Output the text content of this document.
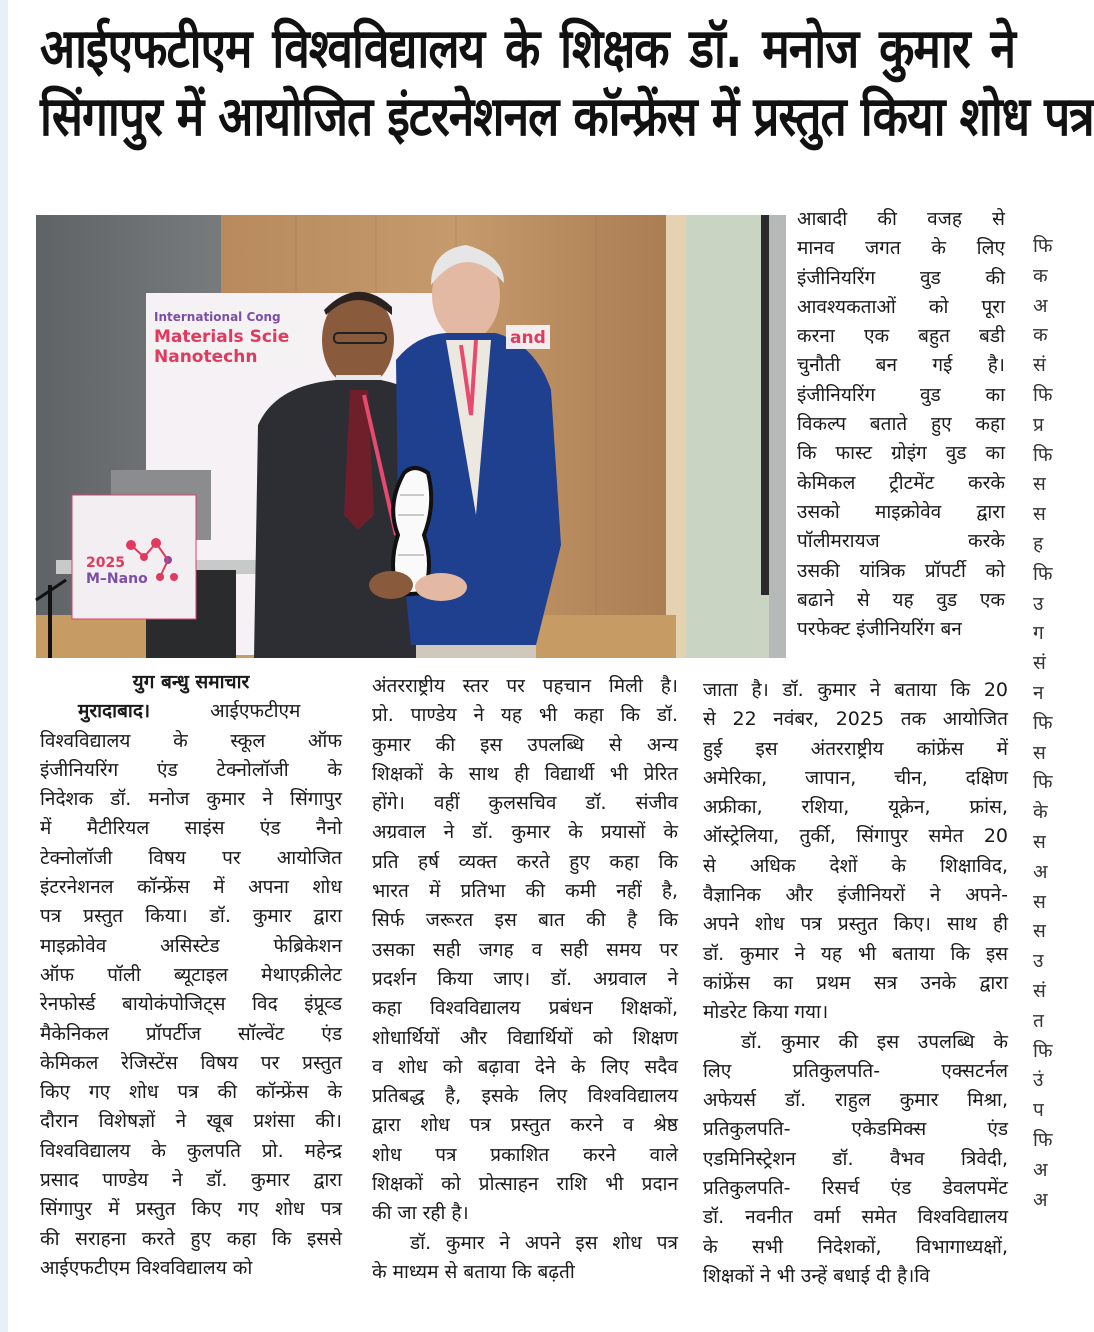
आईएफटीएम विश्वविद्यालय के शिक्षक डॉ. मनोज कुमार ने
सिंगापुर में आयोजित इंटरनेशनल कॉन्फ्रेंस में प्रस्तुत किया शोध पत्र
2025
M–Nano
International Cong
Materials Scie
Nanotechn
and
आबादी की वजह से
मानव जगत के लिए
इंजीनियरिंग वुड की
आवश्यकताओं को पूरा
करना एक बहुत बडी
चुनौती बन गई है।
इंजीनियरिंग वुड का
विकल्प बताते हुए कहा
कि फास्ट ग्रोइंग वुड का
केमिकल ट्रीटमेंट करके
उसको माइक्रोवेव द्वारा
पॉलीमरायज करके
उसकी यांत्रिक प्रॉपर्टी को
बढाने से यह वुड एक
परफेक्ट इंजीनियरिंग बन
युग बन्धु समाचार
मुरादाबाद।	आईएफटीएम
विश्वविद्यालय के स्कूल ऑफ
इंजीनियरिंग एंड टेक्नोलॉजी के
निदेशक डॉ. मनोज कुमार ने सिंगापुर
में मैटीरियल साइंस एंड नैनो
टेक्नोलॉजी विषय पर आयोजित
इंटरनेशनल कॉन्फ्रेंस में अपना शोध
पत्र प्रस्तुत किया। डॉ. कुमार द्वारा
माइक्रोवेव असिस्टेड फेब्रिकेशन
ऑफ पॉली ब्यूटाइल मेथाएक्रीलेट
रेनफोर्स्ड बायोकंपोजिट्स विद इंप्रूव्ड
मैकेनिकल प्रॉपर्टीज सॉल्वेंट एंड
केमिकल रेजिस्टेंस विषय पर प्रस्तुत
किए गए शोध पत्र की कॉन्फ्रेंस के
दौरान विशेषज्ञों ने खूब प्रशंसा की।
विश्वविद्यालय के कुलपति प्रो. महेन्द्र
प्रसाद पाण्डेय ने डॉ. कुमार द्वारा
सिंगापुर में प्रस्तुत किए गए शोध पत्र
की सराहना करते हुए कहा कि इससे
आईएफटीएम विश्वविद्यालय को
अंतरराष्ट्रीय स्तर पर पहचान मिली है।
प्रो. पाण्डेय ने यह भी कहा कि डॉ.
कुमार की इस उपलब्धि से अन्य
शिक्षकों के साथ ही विद्यार्थी भी प्रेरित
होंगे। वहीं कुलसचिव डॉ. संजीव
अग्रवाल ने डॉ. कुमार के प्रयासों के
प्रति हर्ष व्यक्त करते हुए कहा कि
भारत में प्रतिभा की कमी नहीं है,
सिर्फ जरूरत इस बात की है कि
उसका सही जगह व सही समय पर
प्रदर्शन किया जाए। डॉ. अग्रवाल ने
कहा विश्वविद्यालय प्रबंधन शिक्षकों,
शोधार्थियों और विद्यार्थियों को शिक्षण
व शोध को बढ़ावा देने के लिए सदैव
प्रतिबद्ध है, इसके लिए विश्वविद्यालय
द्वारा शोध पत्र प्रस्तुत करने व श्रेष्ठ
शोध पत्र प्रकाशित करने वाले
शिक्षकों को प्रोत्साहन राशि भी प्रदान
की जा रही है।
डॉ. कुमार ने अपने इस शोध पत्र
के माध्यम से बताया कि बढ़ती
जाता है। डॉ. कुमार ने बताया कि 20
से 22 नवंबर, 2025 तक आयोजित
हुई इस अंतरराष्ट्रीय कांफ्रेंस में
अमेरिका, जापान, चीन, दक्षिण
अफ्रीका, रशिया, यूक्रेन, फ्रांस,
ऑस्ट्रेलिया, तुर्की, सिंगापुर समेत 20
से अधिक देशों के शिक्षाविद,
वैज्ञानिक और इंजीनियरों ने अपने-
अपने शोध पत्र प्रस्तुत किए। साथ ही
डॉ. कुमार ने यह भी बताया कि इस
कांफ्रेंस का प्रथम सत्र उनके द्वारा
मोडरेट किया गया।
डॉ. कुमार की इस उपलब्धि के
लिए प्रतिकुलपति- एक्सटर्नल
अफेयर्स डॉ. राहुल कुमार मिश्रा,
प्रतिकुलपति- एकेडमिक्स एंड
एडमिनिस्ट्रेशन डॉ. वैभव त्रिवेदी,
प्रतिकुलपति- रिसर्च एंड डेवलपमेंट
डॉ. नवनीत वर्मा समेत विश्वविद्यालय
के सभी निदेशकों, विभागाध्यक्षों,
शिक्षकों ने भी उन्हें बधाई दी है।वि
फि
क
अ
क
सं
फि
प्र
फि
स
स
ह
फि
उ
ग
सं
न
फि
स
फि
के
स
अ
स
स
उ
सं
त
फि
उं
प
फि
अ
अ
